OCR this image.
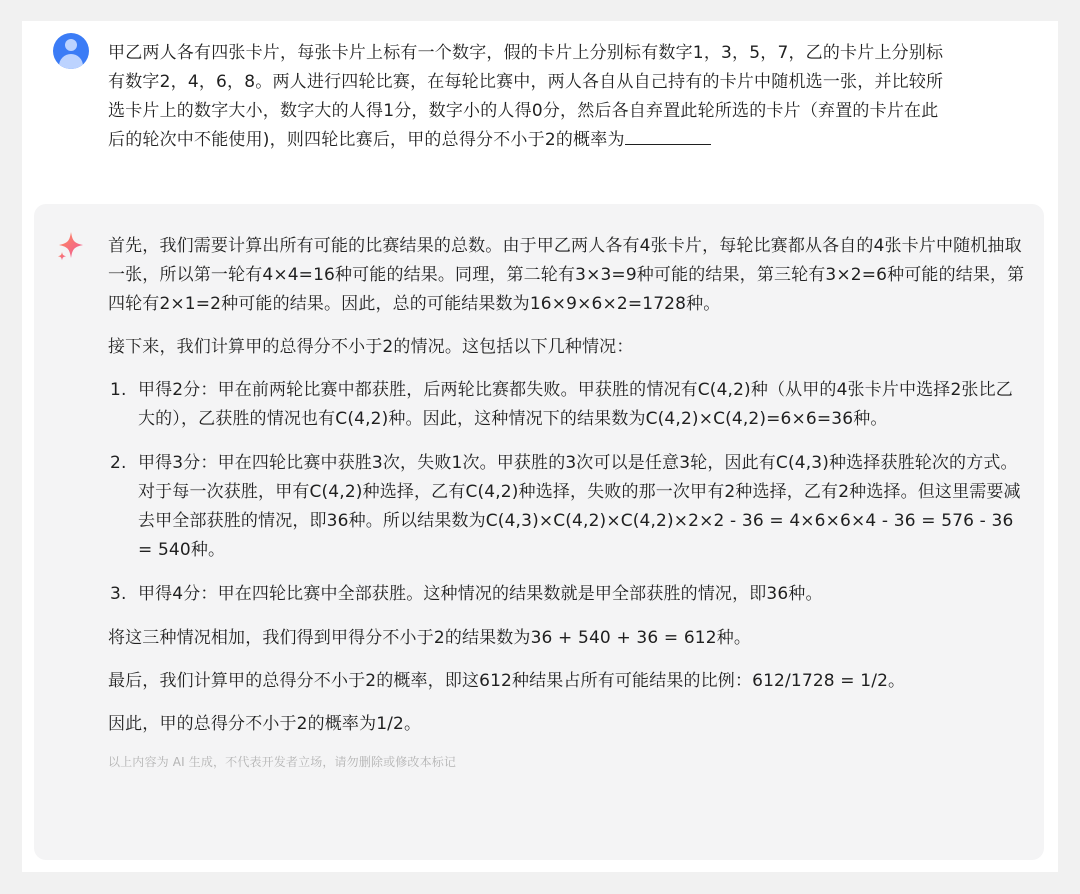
甲乙两人各有四张卡片，每张卡片上标有一个数字，假的卡片上分别标有数字1，3，5，7，乙的卡片上分别标有数字2，4，6，8。两人进行四轮比赛，在每轮比赛中，两人各自从自己持有的卡片中随机选一张，并比较所选卡片上的数字大小，数字大的人得1分，数字小的人得0分，然后各自弃置此轮所选的卡片（弃置的卡片在此后的轮次中不能使用)，则四轮比赛后，甲的总得分不小于2的概率为

首先，我们需要计算出所有可能的比赛结果的总数。由于甲乙两人各有4张卡片，每轮比赛都从各自的4张卡片中随机抽取一张，所以第一轮有4×4=16种可能的结果。同理，第二轮有3×3=9种可能的结果，第三轮有3×2=6种可能的结果，第四轮有2×1=2种可能的结果。因此，总的可能结果数为16×9×6×2=1728种。

接下来，我们计算甲的总得分不小于2的情况。这包括以下几种情况：

1. 甲得2分：甲在前两轮比赛中都获胜，后两轮比赛都失败。甲获胜的情况有C(4,2)种（从甲的4张卡片中选择2张比乙大的），乙获胜的情况也有C(4,2)种。因此，这种情况下的结果数为C(4,2)×C(4,2)=6×6=36种。
2. 甲得3分：甲在四轮比赛中获胜3次，失败1次。甲获胜的3次可以是任意3轮，因此有C(4,3)种选择获胜轮次的方式。对于每一次获胜，甲有C(4,2)种选择，乙有C(4,2)种选择，失败的那一次甲有2种选择，乙有2种选择。但这里需要减去甲全部获胜的情况，即36种。所以结果数为C(4,3)×C(4,2)×C(4,2)×2×2 - 36 = 4×6×6×4 - 36 = 576 - 36 = 540种。
3. 甲得4分：甲在四轮比赛中全部获胜。这种情况的结果数就是甲全部获胜的情况，即36种。

将这三种情况相加，我们得到甲得分不小于2的结果数为36 + 540 + 36 = 612种。

最后，我们计算甲的总得分不小于2的概率，即这612种结果占所有可能结果的比例：612/1728 = 1/2。

因此，甲的总得分不小于2的概率为1/2。

以上内容为 AI 生成，不代表开发者立场，请勿删除或修改本标记
